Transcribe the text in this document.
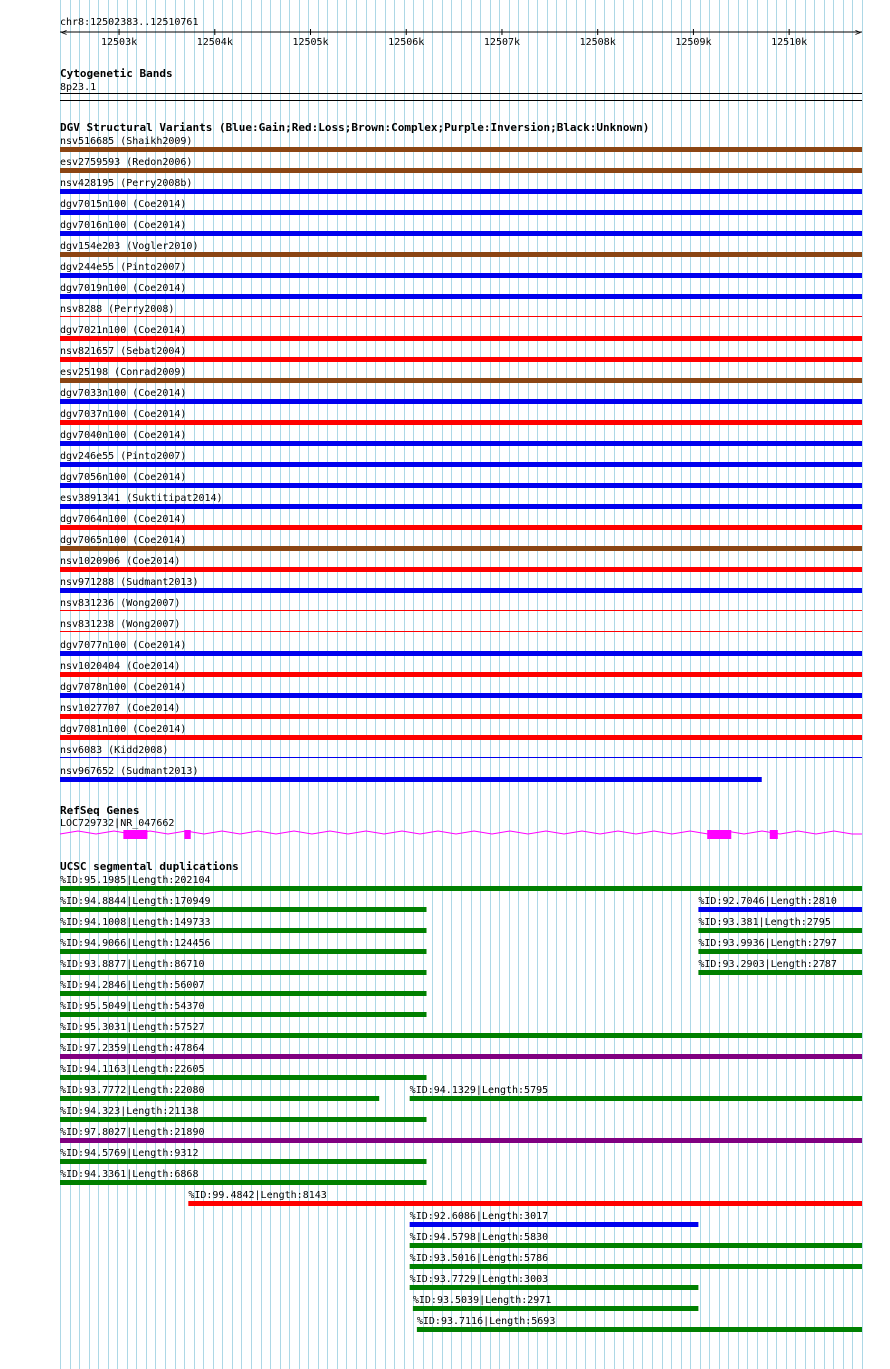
chr8:12502383..12510761
<	>
12503k	12504k	12505k	12506k	12507k	12508k	12509k	12510k
Cytogenetic Bands
8p23.1
DGV Structural Variants (Blue:Gain;Red:Loss;Brown:Complex;Purple:Inversion;Black:Unknown)
nsv516685 (Shaikh2009)
esv2759593 (Redon2006)
nsv428195 (Perry2008b)
dgv7015n100 (Coe2014)
dgv7016n100 (Coe2014)
dgv154e203 (Vogler2010)
dgv244e55 (Pinto2007)
dgv7019n100 (Coe2014)
nsv8288 (Perry2008)
dgv7021n100 (Coe2014)
nsv821657 (Sebat2004)
esv25198 (Conrad2009)
dgv7033n100 (Coe2014)
dgv7037n100 (Coe2014)
dgv7040n100 (Coe2014)
dgv246e55 (Pinto2007)
dgv7056n100 (Coe2014)
esv3891341 (Suktitipat2014)
dgv7064n100 (Coe2014)
dgv7065n100 (Coe2014)
nsv1020906 (Coe2014)
nsv971288 (Sudmant2013)
nsv831236 (Wong2007)
nsv831238 (Wong2007)
dgv7077n100 (Coe2014)
nsv1020404 (Coe2014)
dgv7078n100 (Coe2014)
nsv1027707 (Coe2014)
dgv7081n100 (Coe2014)
nsv6083 (Kidd2008)
nsv967652 (Sudmant2013)
RefSeq Genes
LOC729732|NR_047662
UCSC segmental duplications
%ID:95.1985|Length:202104
%ID:94.8844|Length:170949	%ID:92.7046|Length:2810
%ID:94.1008|Length:149733	%ID:93.381|Length:2795
%ID:94.9066|Length:124456	%ID:93.9936|Length:2797
%ID:93.8877|Length:86710	%ID:93.2903|Length:2787
%ID:94.2846|Length:56007
%ID:95.5049|Length:54370
%ID:95.3031|Length:57527
%ID:97.2359|Length:47864
%ID:94.1163|Length:22605
%ID:93.7772|Length:22080	%ID:94.1329|Length:5795
%ID:94.323|Length:21138
%ID:97.8027|Length:21890
%ID:94.5769|Length:9312
%ID:94.3361|Length:6868
%ID:99.4842|Length:8143
%ID:92.6086|Length:3017
%ID:94.5798|Length:5830
%ID:93.5016|Length:5786
%ID:93.7729|Length:3003
%ID:93.5039|Length:2971
%ID:93.7116|Length:5693
